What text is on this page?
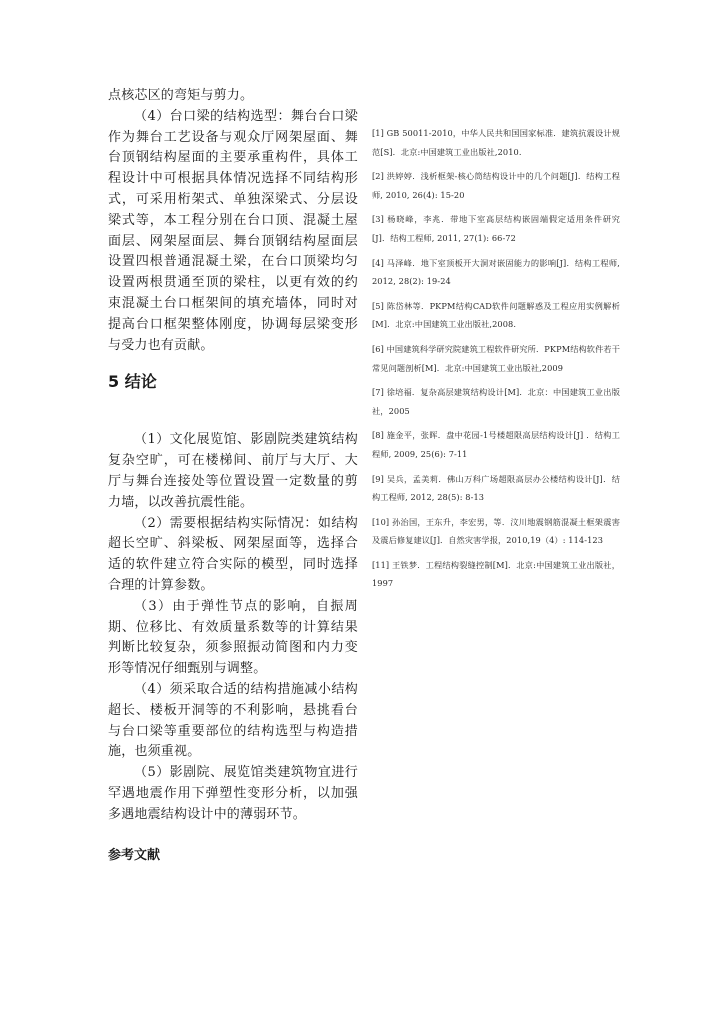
点核芯区的弯矩与剪力。

（4）台口梁的结构选型：舞台台口梁作为舞台工艺设备与观众厅网架屋面、舞台顶钢结构屋面的主要承重构件，具体工程设计中可根据具体情况选择不同结构形式，可采用桁架式、单独深梁式、分层设梁式等，本工程分别在台口顶、混凝土屋面层、网架屋面层、舞台顶钢结构屋面层设置四根普通混凝土梁，在台口顶梁均匀设置两根贯通至顶的梁柱，以更有效的约束混凝土台口框架间的填充墙体，同时对提高台口框架整体刚度，协调每层梁变形与受力也有贡献。

5 结论

（1）文化展览馆、影剧院类建筑结构复杂空旷，可在楼梯间、前厅与大厅、大厅与舞台连接处等位置设置一定数量的剪力墙，以改善抗震性能。

（2）需要根据结构实际情况：如结构超长空旷、斜梁板、网架屋面等，选择合适的软件建立符合实际的模型，同时选择合理的计算参数。

（3）由于弹性节点的影响，自振周期、位移比、有效质量系数等的计算结果判断比较复杂，须参照振动简图和内力变形等情况仔细甄别与调整。

（4）须采取合适的结构措施减小结构超长、楼板开洞等的不利影响，悬挑看台与台口梁等重要部位的结构选型与构造措施，也须重视。

（5）影剧院、展览馆类建筑物宜进行罕遇地震作用下弹塑性变形分析，以加强多遇地震结构设计中的薄弱环节。

参考文献

[1] GB 50011-2010，中华人民共和国国家标准．建筑抗震设计规范[S]．北京:中国建筑工业出版社,2010.

[2] 洪婷婷．浅析框架-核心筒结构设计中的几个问题[J]．结构工程师, 2010, 26(4): 15-20

[3] 杨晓峰，李兆．带地下室高层结构嵌固端假定适用条件研究[J]．结构工程师, 2011, 27(1): 66-72

[4] 马泽峰．地下室顶板开大洞对嵌固能力的影响[J]．结构工程师, 2012, 28(2): 19-24

[5] 陈岱林等．PKPM结构CAD软件问题解惑及工程应用实例解析[M]．北京:中国建筑工业出版社,2008.

[6] 中国建筑科学研究院建筑工程软件研究所．PKPM结构软件若干常见问题剖析[M]．北京:中国建筑工业出版社,2009

[7] 徐培福．复杂高层建筑结构设计[M]．北京：中国建筑工业出版社，2005

[8] 施金平，张晖．盘中花园-1号楼超限高层结构设计[J] ．结构工程师, 2009, 25(6): 7-11

[9] 吴兵，孟美莉．佛山万科广场超限高层办公楼结构设计[J]．结构工程师, 2012, 28(5): 8-13

[10] 孙治国，王东升，李宏男，等．汶川地震钢筋混凝土框架震害及震后修复建议[J]．自然灾害学报，2010,19（4）: 114-123

[11] 王铁梦．工程结构裂缝控制[M]．北京:中国建筑工业出版社，1997
